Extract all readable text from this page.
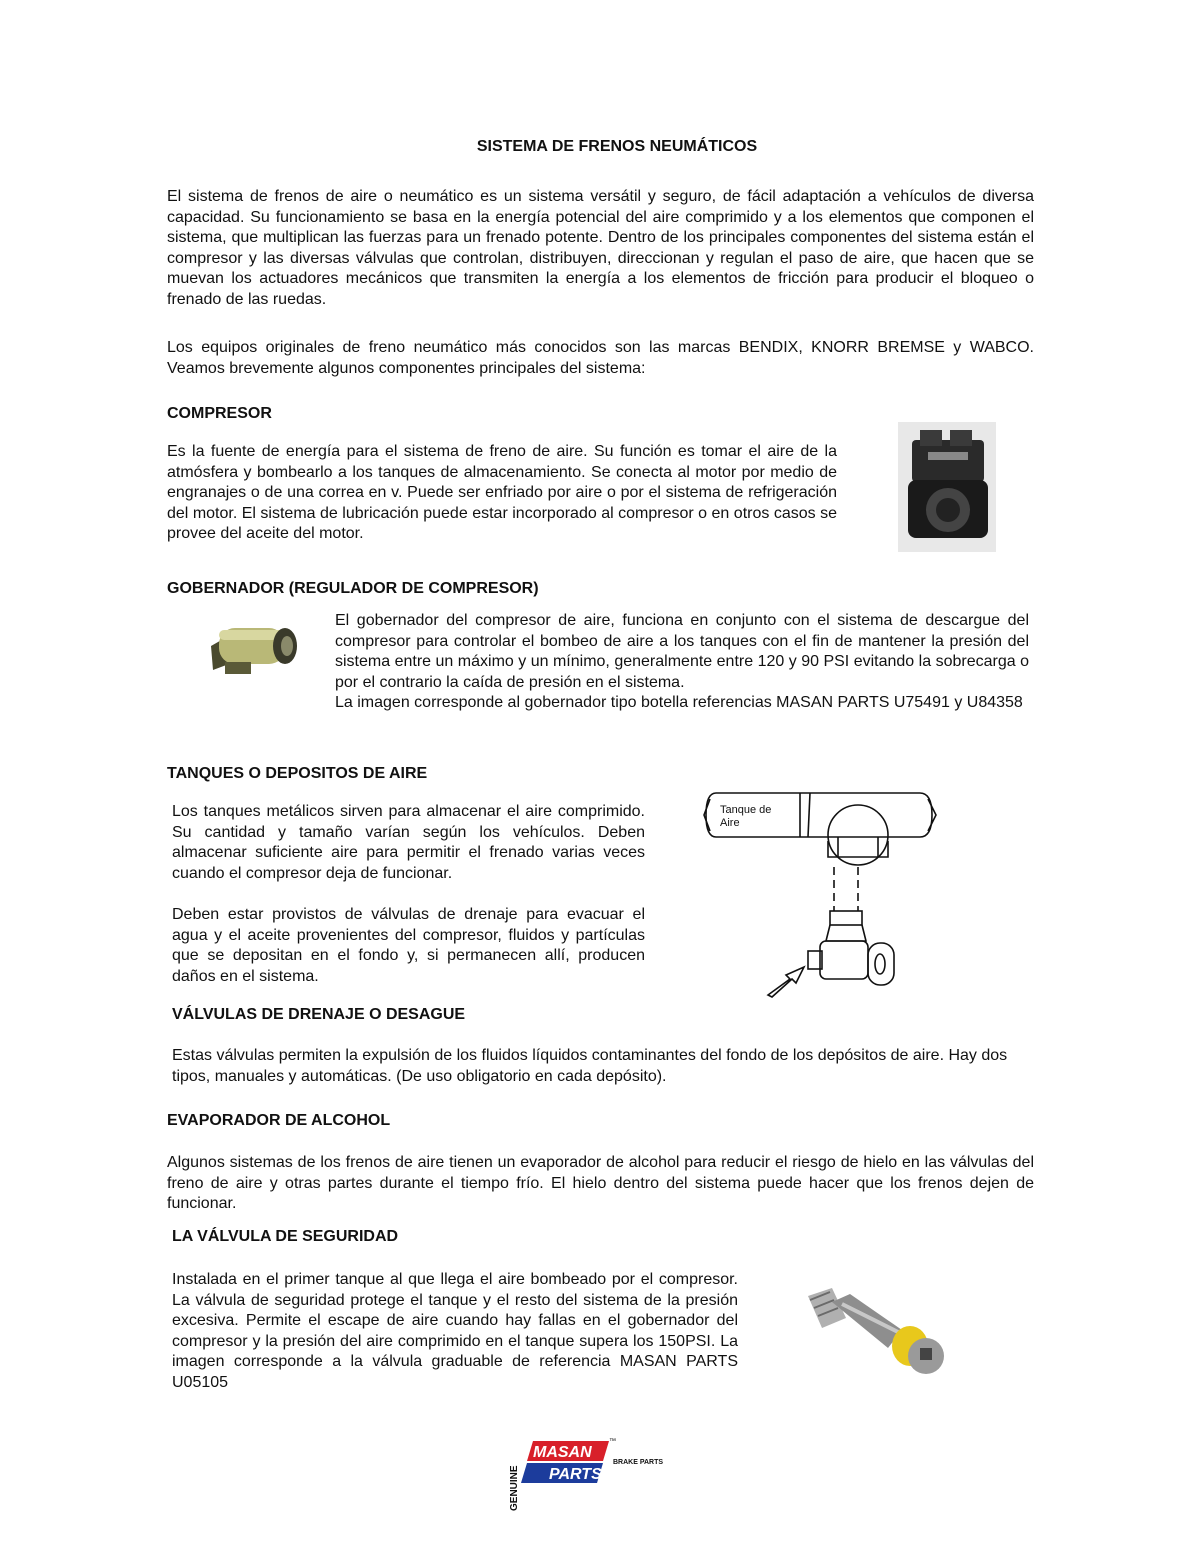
SISTEMA DE FRENOS NEUMÁTICOS

El sistema de frenos de aire o neumático es un sistema versátil y seguro, de fácil adaptación a vehículos de diversa capacidad. Su funcionamiento se basa en la energía potencial del aire comprimido y a los elementos que componen el sistema, que multiplican las fuerzas para un frenado potente. Dentro de los principales componentes del sistema están el compresor y las diversas válvulas que controlan, distribuyen, direccionan y regulan el paso de aire, que hacen que se muevan los actuadores mecánicos que transmiten la energía a los elementos de fricción para producir el bloqueo o frenado de las ruedas.

Los equipos originales de freno neumático más conocidos son las marcas BENDIX, KNORR BREMSE y WABCO. Veamos brevemente algunos componentes principales del sistema:

COMPRESOR

Es la fuente de energía para el sistema de freno de aire. Su función es tomar el aire de la atmósfera y bombearlo a los tanques de almacenamiento. Se conecta al motor por medio de engranajes o de una correa en v. Puede ser enfriado por aire o por el sistema de refrigeración del motor. El sistema de lubricación puede estar incorporado al compresor o en otros casos se provee del aceite del motor.

GOBERNADOR (REGULADOR DE COMPRESOR)

El gobernador del compresor de aire, funciona en conjunto con el sistema de descargue del compresor para controlar el bombeo de aire a los tanques con el fin de mantener la presión del sistema entre un máximo y un mínimo, generalmente entre 120 y 90 PSI evitando la sobrecarga o por el contrario la caída de presión en el sistema.

La imagen corresponde al gobernador tipo botella referencias MASAN PARTS U75491 y U84358

TANQUES O DEPOSITOS DE AIRE

Los tanques metálicos sirven para almacenar el aire comprimido. Su cantidad y tamaño varían según los vehículos. Deben almacenar suficiente aire para permitir el frenado varias veces cuando el compresor deja de funcionar.

Deben estar provistos de válvulas de drenaje para evacuar el agua y el aceite provenientes del compresor, fluidos y partículas que se depositan en el fondo y, si permanecen allí, producen daños en el sistema.

Tanque de
Aire
VÁLVULAS DE DRENAJE O DESAGUE

Estas válvulas permiten la expulsión de los fluidos líquidos contaminantes del fondo de los depósitos de aire. Hay dos tipos, manuales y automáticas. (De uso obligatorio en cada depósito).

EVAPORADOR DE ALCOHOL

Algunos sistemas de los frenos de aire tienen un evaporador de alcohol para reducir el riesgo de hielo en las válvulas del freno de aire y otras partes durante el tiempo frío. El hielo dentro del sistema puede hacer que los frenos dejen de funcionar.

LA VÁLVULA DE SEGURIDAD

Instalada en el primer tanque al que llega el aire bombeado por el compresor. La válvula de seguridad protege el tanque y el resto del sistema de la presión excesiva. Permite el escape de aire cuando hay fallas en el gobernador del compresor y la presión del aire comprimido en el tanque supera los 150PSI. La imagen corresponde a la válvula graduable de referencia MASAN PARTS U05105

GENUINE
MASAN
PARTS
™
BRAKE PARTS
